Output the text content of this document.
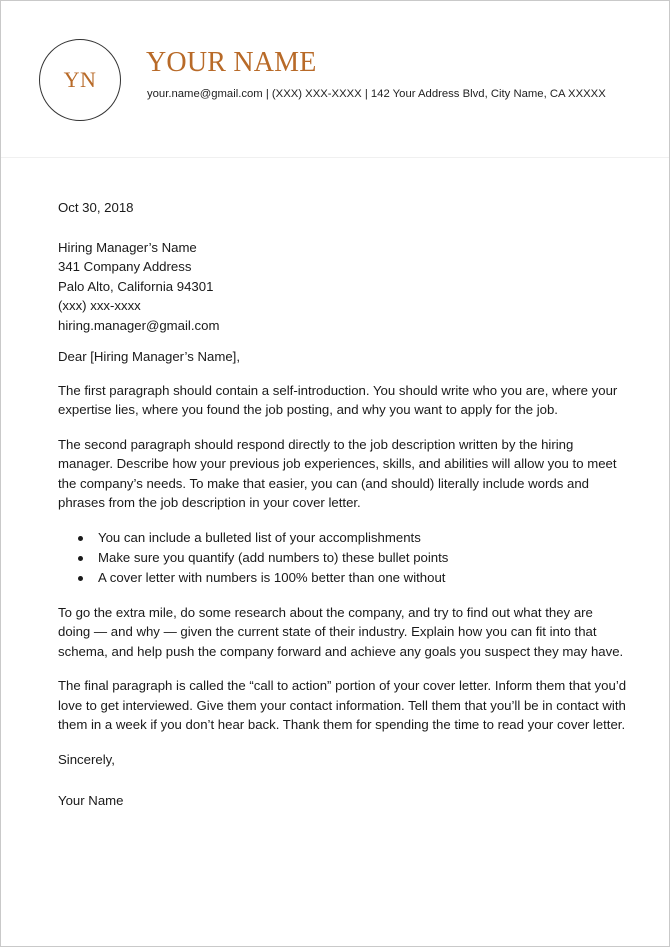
YN
YOUR NAME
your.name@gmail.com | (XXX) XXX-XXXX | 142 Your Address Blvd, City Name, CA XXXXX

Oct 30, 2018

Hiring Manager’s Name
341 Company Address
Palo Alto, California 94301
(xxx) xxx-xxxx
hiring.manager@gmail.com

Dear [Hiring Manager’s Name],

The first paragraph should contain a self-introduction. You should write who you are, where your expertise lies, where you found the job posting, and why you want to apply for the job.

The second paragraph should respond directly to the job description written by the hiring manager. Describe how your previous job experiences, skills, and abilities will allow you to meet the company’s needs. To make that easier, you can (and should) literally include words and phrases from the job description in your cover letter.

You can include a bulleted list of your accomplishments
Make sure you quantify (add numbers to) these bullet points
A cover letter with numbers is 100% better than one without

To go the extra mile, do some research about the company, and try to find out what they are doing — and why — given the current state of their industry. Explain how you can fit into that schema, and help push the company forward and achieve any goals you suspect they may have.

The final paragraph is called the “call to action” portion of your cover letter. Inform them that you’d love to get interviewed. Give them your contact information. Tell them that you’ll be in contact with them in a week if you don’t hear back. Thank them for spending the time to read your cover letter.

Sincerely,

Your Name
